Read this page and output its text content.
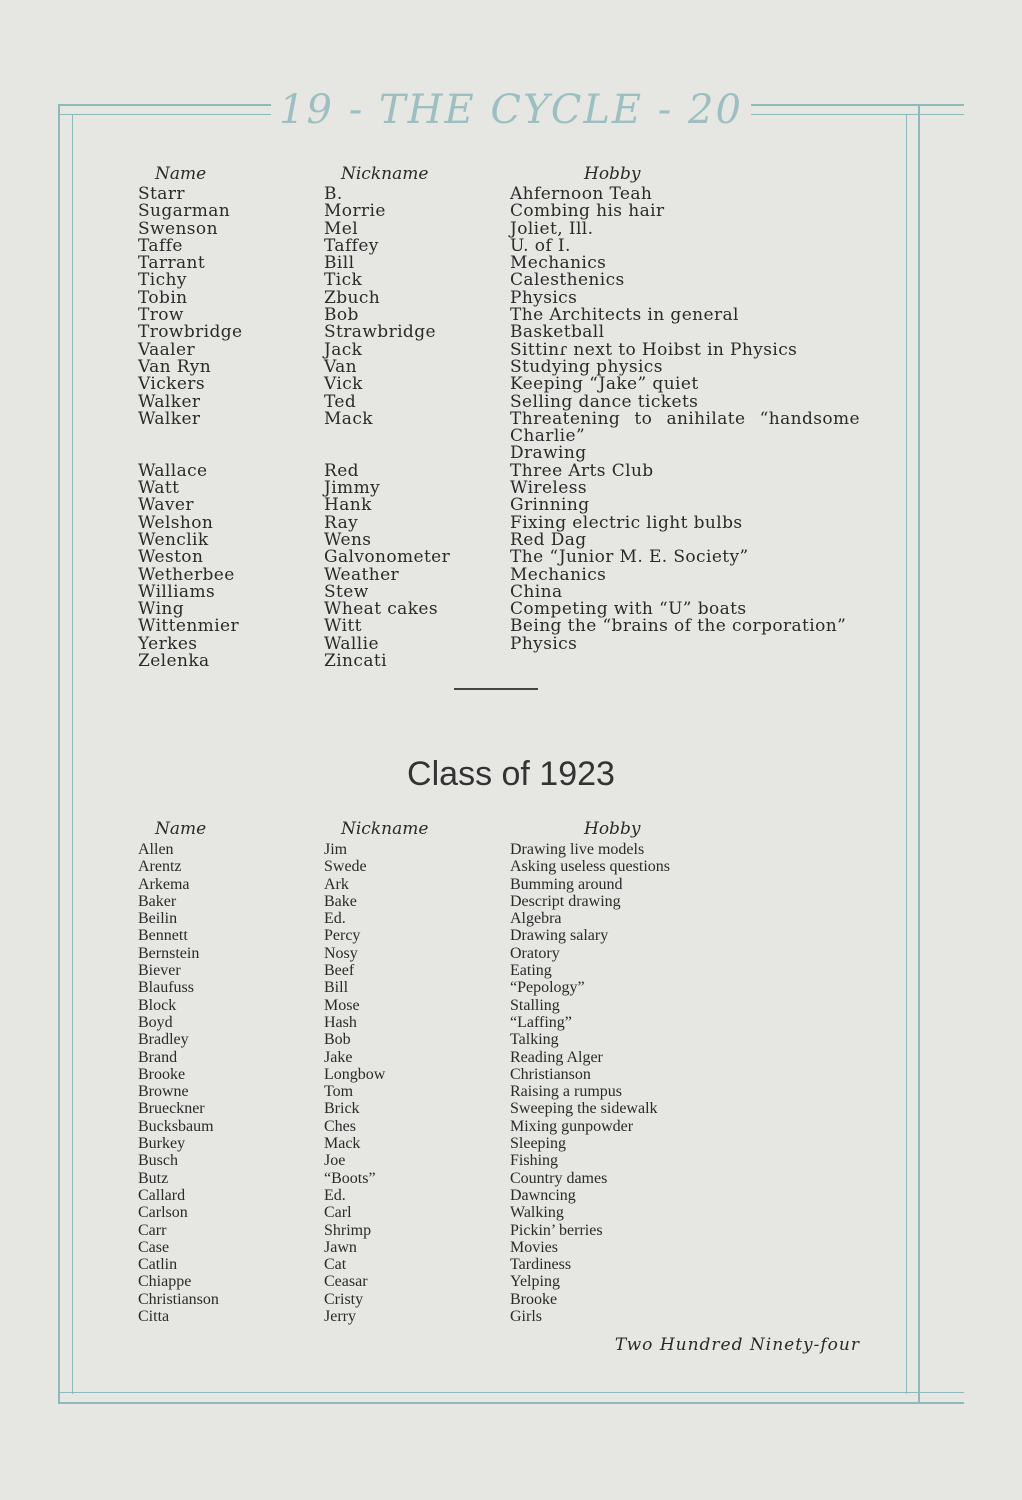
19 - THE CYCLE - 20
Name
Starr
Sugarman
Swenson
Taffe
Tarrant
Tichy
Tobin
Trow
Trowbridge
Vaaler
Van Ryn
Vickers
Walker
Walker
Wallace
Watt
Waver
Welshon
Wenclik
Weston
Wetherbee
Williams
Wing
Wittenmier
Yerkes
Zelenka
Nickname
B.
Morrie
Mel
Taffey
Bill
Tick
Zbuch
Bob
Strawbridge
Jack
Van
Vick
Ted
Mack
Red
Jimmy
Hank
Ray
Wens
Galvonometer
Weather
Stew
Wheat cakes
Witt
Wallie
Zincati
Hobby
Ahfernoon Teah
Combing his hair
Joliet, Ill.
U. of I.
Mechanics
Calesthenics
Physics
The Architects in general
Basketball
Sittinɾ next to Hoibst in Physics
Studying physics
Keeping “Jake” quiet
Selling dance tickets
Threatening to anihilate “handsome Charlie”
Drawing
Three Arts Club
Wireless
Grinning
Fixing electric light bulbs
Red Dag
The “Junior M. E. Society”
Mechanics
China
Competing with “U” boats
Being the “brains of the corporation”
Physics
Class of 1923
Name
Allen
Arentz
Arkema
Baker
Beilin
Bennett
Bernstein
Biever
Blaufuss
Block
Boyd
Bradley
Brand
Brooke
Browne
Brueckner
Bucksbaum
Burkey
Busch
Butz
Callard
Carlson
Carr
Case
Catlin
Chiappe
Christianson
Citta
Nickname
Jim
Swede
Ark
Bake
Ed.
Percy
Nosy
Beef
Bill
Mose
Hash
Bob
Jake
Longbow
Tom
Brick
Ches
Mack
Joe
“Boots”
Ed.
Carl
Shrimp
Jawn
Cat
Ceasar
Cristy
Jerry
Hobby
Drawing live models
Asking useless questions
Bumming around
Descript drawing
Algebra
Drawing salary
Oratory
Eating
“Pepology”
Stalling
“Laffing”
Talking
Reading Alger
Christianson
Raising a rumpus
Sweeping the sidewalk
Mixing gunpowder
Sleeping
Fishing
Country dames
Dawncing
Walking
Pickin’ berries
Movies
Tardiness
Yelping
Brooke
Girls
Two Hundred Ninety-four
